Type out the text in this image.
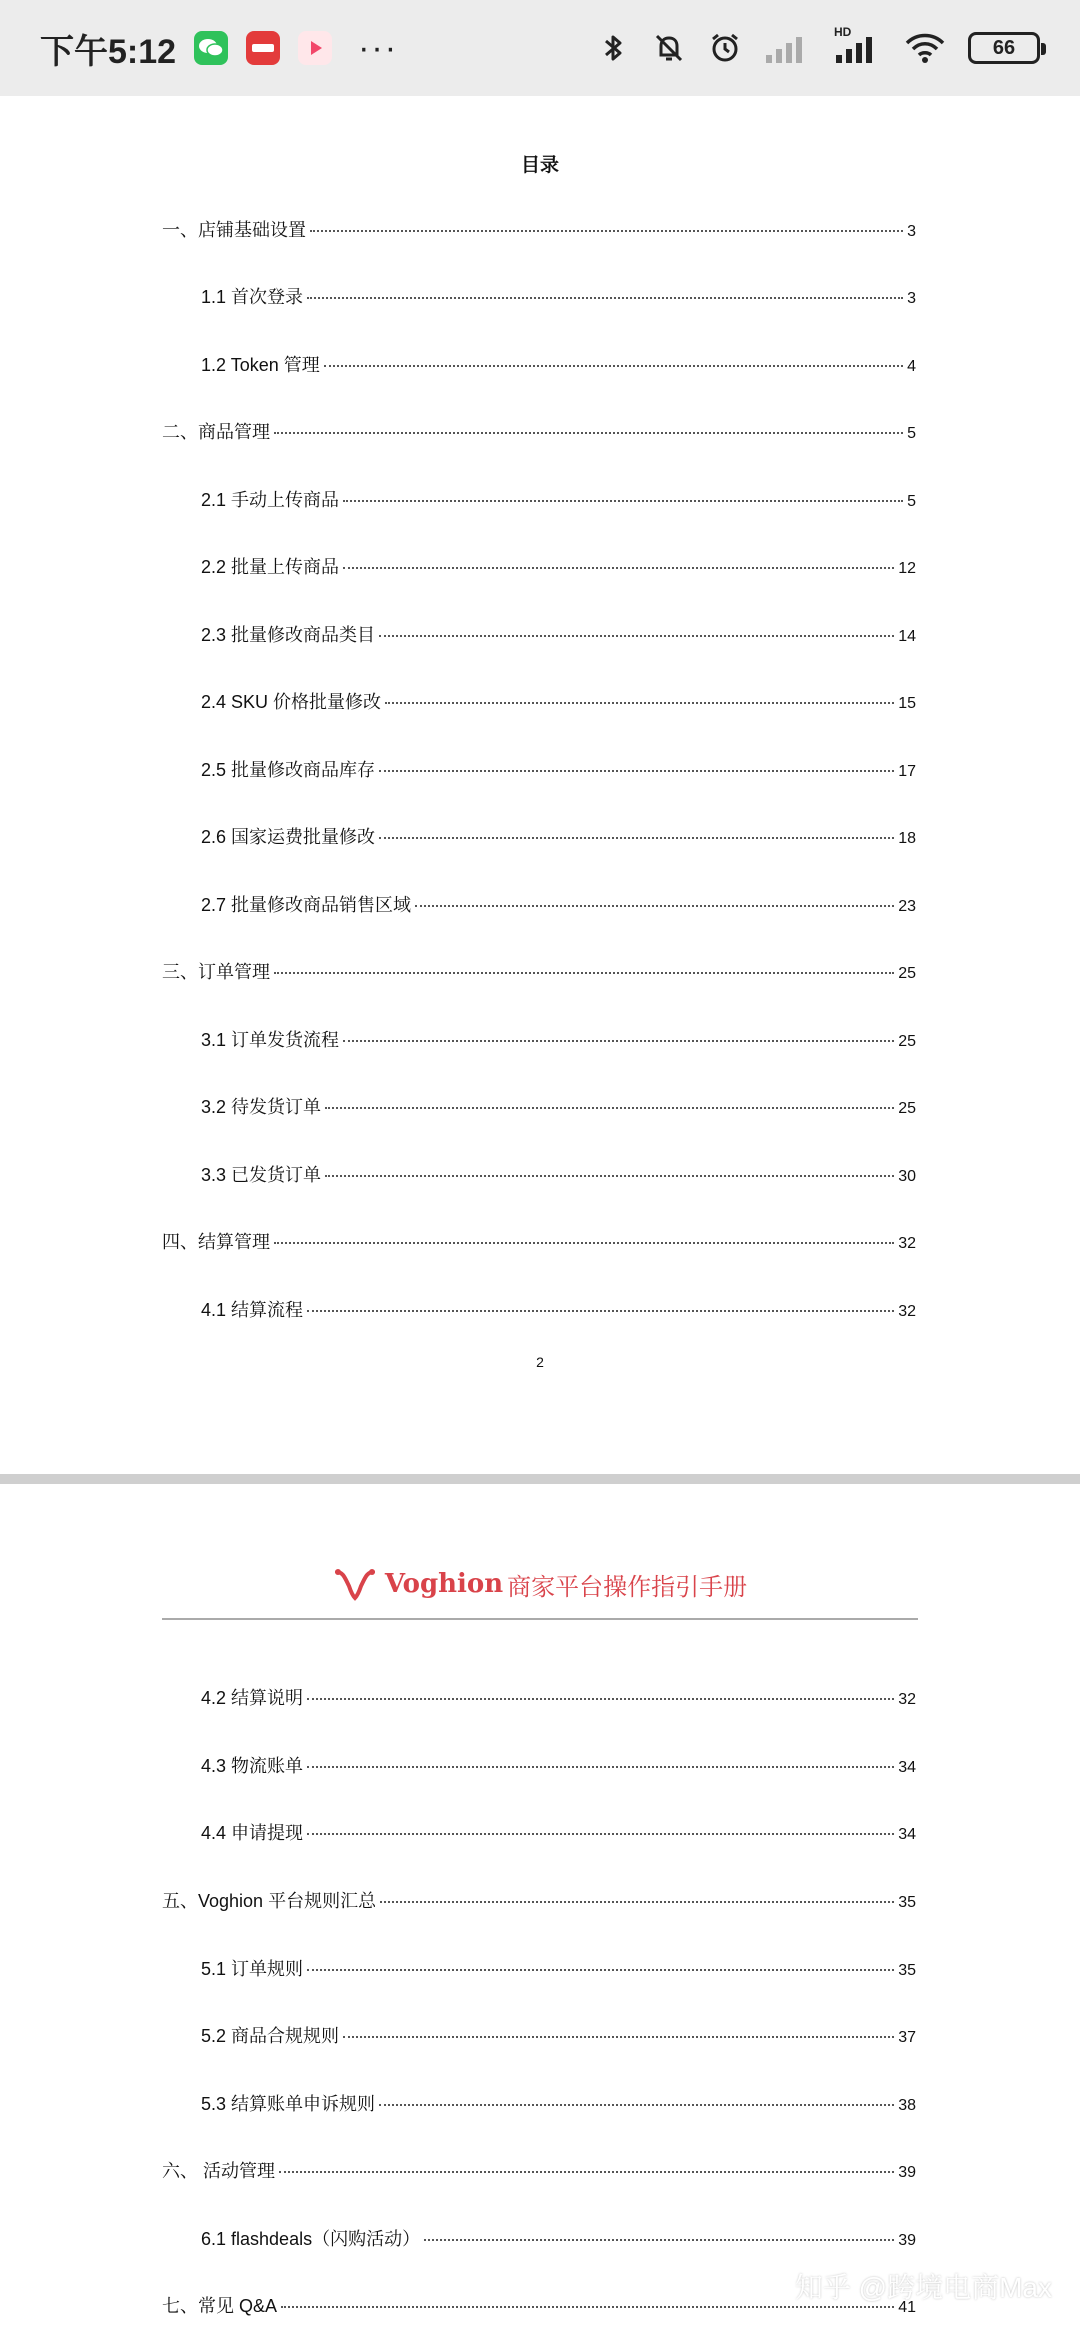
下午5:12	···	HD
66
目录
一、店铺基础设置	3
1.1 首次登录	3
1.2 Token 管理	4
二、商品管理	5
2.1 手动上传商品	5
2.2 批量上传商品	12
2.3 批量修改商品类目	14
2.4 SKU 价格批量修改	15
2.5 批量修改商品库存	17
2.6 国家运费批量修改	18
2.7 批量修改商品销售区域	23
三、订单管理	25
3.1 订单发货流程	25
3.2 待发货订单	25
3.3 已发货订单	30
四、结算管理	32
4.1 结算流程	32
2
Voghion 商家平台操作指引手册
4.2 结算说明	32
4.3 物流账单	34
4.4 申请提现	34
五、Voghion 平台规则汇总	35
5.1 订单规则	35
5.2 商品合规规则	37
5.3 结算账单申诉规则	38
六、 活动管理	39
6.1 flashdeals（闪购活动）	39
七、常见 Q&A	41
知乎 @跨境电商Max
